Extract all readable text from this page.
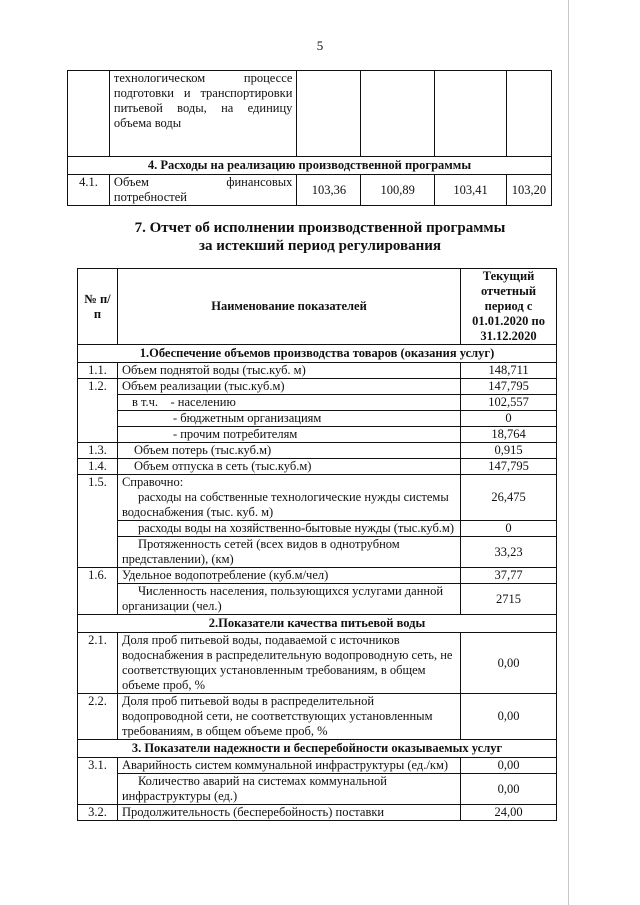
5
	технологическом процессе подготовки и транспортировки питьевой воды, на единицу объема воды				
4. Расходы на реализацию производственной программы					
4.1.	Объем финансовых потребностей	103,36	100,89	103,41	103,20
7. Отчет об исполнении производственной программы
за истекший период регулирования
№ п/п	Наименование показателей	Текущий отчетный период с 01.01.2020 по 31.12.2020
1.Обеспечение объемов производства товаров (оказания услуг)		
1.1.	Объем поднятой воды (тыс.куб. м)	148,711
1.2.	Объем реализации (тыс.куб.м)	147,795
	в т.ч.    - населению	102,557
	- бюджетным организациям	0
	- прочим потребителям	18,764
1.3.	Объем потерь (тыс.куб.м)	0,915
1.4.	Объем отпуска в сеть (тыс.куб.м)	147,795
1.5.	Справочно:
расходы на собственные технологические нужды системы водоснабжения (тыс. куб. м)	26,475
	расходы воды на хозяйственно-бытовые нужды (тыс.куб.м)	0
	Протяженность сетей (всех видов в однотрубном представлении), (км)	33,23
1.6.	Удельное водопотребление (куб.м/чел)	37,77
	Численность населения, пользующихся услугами данной организации (чел.)	2715
2.Показатели качества питьевой воды		
2.1.	Доля проб питьевой воды, подаваемой с источников водоснабжения в распределительную водопроводную сеть, не соответствующих установленным требованиям, в общем объеме проб, %	0,00
2.2.	Доля проб питьевой воды в распределительной водопроводной сети, не соответствующих установленным требованиям, в общем объеме проб, %	0,00
3. Показатели надежности и бесперебойности оказываемых услуг		
3.1.	Аварийность систем коммунальной инфраструктуры (ед./км)	0,00
	Количество аварий на системах коммунальной инфраструктуры (ед.)	0,00
3.2.	Продолжительность (бесперебойность) поставки	24,00
